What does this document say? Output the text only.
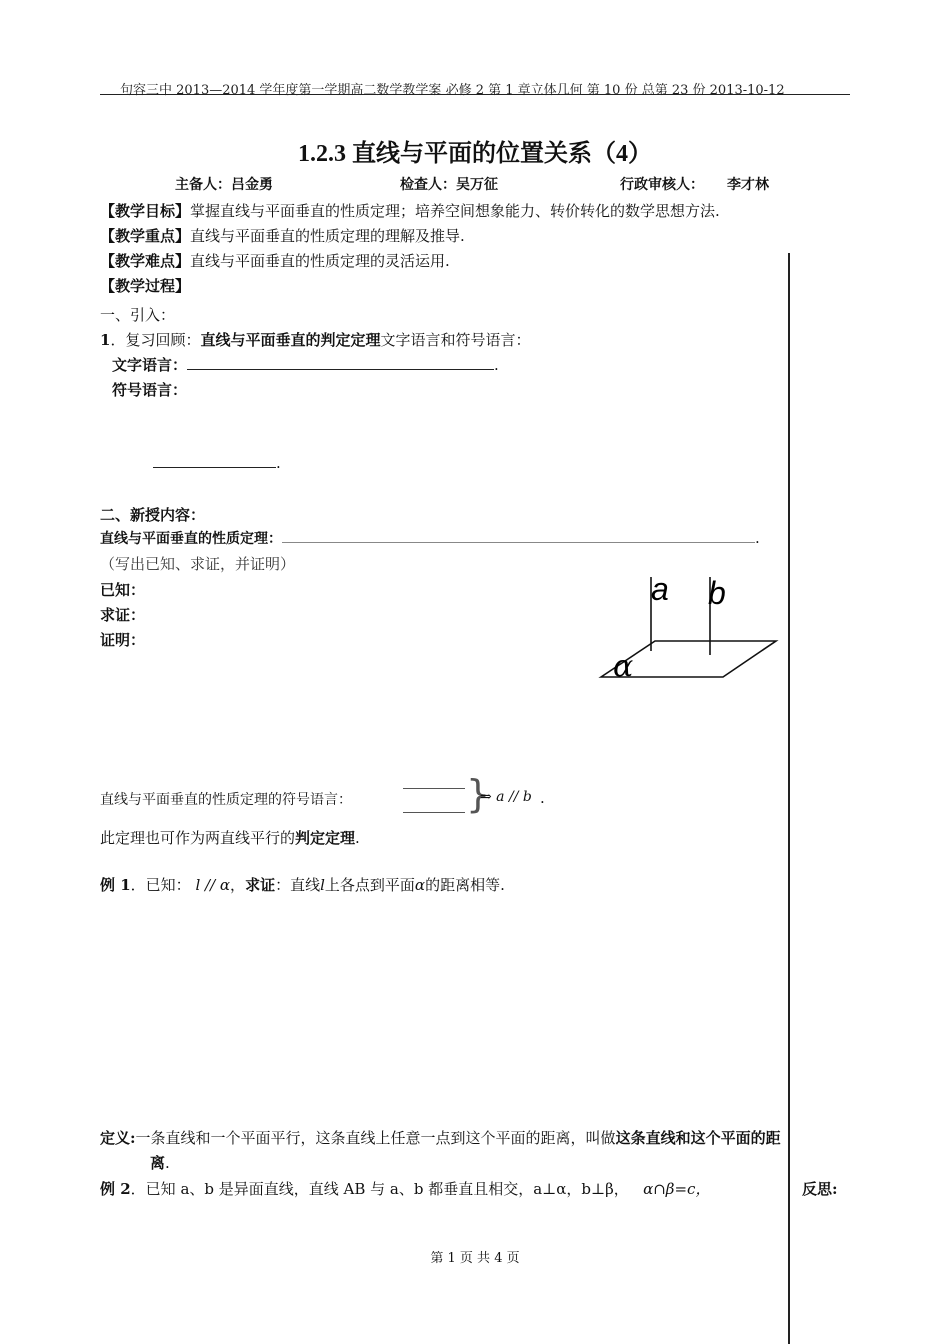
句容三中 2013—2014 学年度第一学期高二数学教学案 必修 2 第 1 章立体几何 第 10 份 总第 23 份 2013-10-12
1.2.3 直线与平面的位置关系（4）
主备人：吕金勇	检查人：吴万征	行政审核人： 李才林
【教学目标】掌握直线与平面垂直的性质定理；培养空间想象能力、转价转化的数学思想方法.
【教学重点】直线与平面垂直的性质定理的理解及推导.
【教学难点】直线与平面垂直的性质定理的灵活运用.
【教学过程】
一、引入：
1．复习回顾：直线与平面垂直的判定定理文字语言和符号语言：
文字语言：	.
符号语言：
.
二、新授内容：
直线与平面垂直的性质定理：	.
（写出已知、求证，并证明）
已知：
求证：
证明：
a b
α
直线与平面垂直的性质定理的符号语言：	}
⇒ a // b .
此定理也可作为两直线平行的判定定理.
例 1．已知： l // α，求证：直线l上各点到平面α的距离相等.
定义:一条直线和一个平面平行，这条直线上任意一点到这个平面的距离，叫做这条直线和这个平面的距
离.
例 2．已知 a、b 是异面直线，直线 AB 与 a、b 都垂直且相交，a⊥α，b⊥β， α∩β=c，	反思:
第 1 页 共 4 页
